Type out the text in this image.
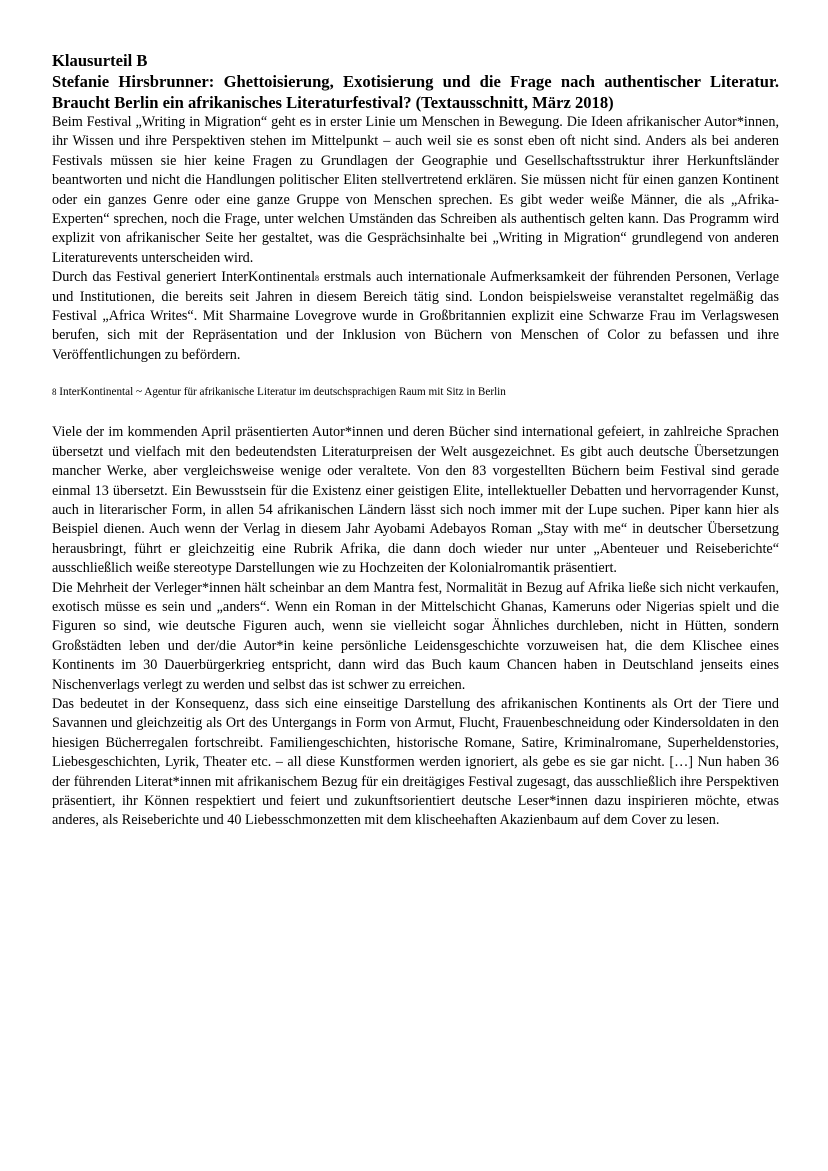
Klausurteil B

Stefanie Hirsbrunner: Ghettoisierung, Exotisierung und die Frage nach authentischer Literatur. Braucht Berlin ein afrikanisches Literaturfestival? (Textausschnitt, März 2018)

Beim Festival „Writing in Migration“ geht es in erster Linie um Menschen in Bewegung. Die Ideen afrikanischer Autor*innen, ihr Wissen und ihre Perspektiven stehen im Mittelpunkt – auch weil sie es sonst eben oft nicht sind. Anders als bei anderen Festivals müssen sie hier keine Fragen zu Grundlagen der Geographie und Gesellschaftsstruktur ihrer Herkunftsländer beantworten und nicht die Handlungen politischer Eliten stellvertretend erklären. Sie müssen nicht für einen ganzen Kontinent oder ein ganzes Genre oder eine ganze Gruppe von Menschen sprechen. Es gibt weder weiße Männer, die als „Afrika-Experten“ sprechen, noch die Frage, unter welchen Umständen das Schreiben als authentisch gelten kann. Das Programm wird explizit von afrikanischer Seite her gestaltet, was die Gesprächsinhalte bei „Writing in Migration“ grundlegend von anderen Literaturevents unterscheiden wird.

Durch das Festival generiert InterKontinental8 erstmals auch internationale Aufmerksamkeit der führenden Personen, Verlage und Institutionen, die bereits seit Jahren in diesem Bereich tätig sind. London beispielsweise veranstaltet regelmäßig das Festival „Africa Writes“. Mit Sharmaine Lovegrove wurde in Großbritannien explizit eine Schwarze Frau im Verlagswesen berufen, sich mit der Repräsentation und der Inklusion von Büchern von Menschen of Color zu befassen und ihre Veröffentlichungen zu befördern.

8 InterKontinental ~ Agentur für afrikanische Literatur im deutschsprachigen Raum mit Sitz in Berlin

Viele der im kommenden April präsentierten Autor*innen und deren Bücher sind international gefeiert, in zahlreiche Sprachen übersetzt und vielfach mit den bedeutendsten Literaturpreisen der Welt ausgezeichnet. Es gibt auch deutsche Übersetzungen mancher Werke, aber vergleichsweise wenige oder veraltete. Von den 83 vorgestellten Büchern beim Festival sind gerade einmal 13 übersetzt. Ein Bewusstsein für die Existenz einer geistigen Elite, intellektueller Debatten und hervorragender Kunst, auch in literarischer Form, in allen 54 afrikanischen Ländern lässt sich noch immer mit der Lupe suchen. Piper kann hier als Beispiel dienen. Auch wenn der Verlag in diesem Jahr Ayobami Adebayos Roman „Stay with me“ in deutscher Übersetzung herausbringt, führt er gleichzeitig eine Rubrik Afrika, die dann doch wieder nur unter „Abenteuer und Reiseberichte“ ausschließlich weiße stereotype Darstellungen wie zu Hochzeiten der Kolonialromantik präsentiert.

Die Mehrheit der Verleger*innen hält scheinbar an dem Mantra fest, Normalität in Bezug auf Afrika ließe sich nicht verkaufen, exotisch müsse es sein und „anders“. Wenn ein Roman in der Mittelschicht Ghanas, Kameruns oder Nigerias spielt und die Figuren so sind, wie deutsche Figuren auch, wenn sie vielleicht sogar Ähnliches durchleben, nicht in Hütten, sondern Großstädten leben und der/die Autor*in keine persönliche Leidensgeschichte vorzuweisen hat, die dem Klischee eines Kontinents im 30 Dauerbürgerkrieg entspricht, dann wird das Buch kaum Chancen haben in Deutschland jenseits eines Nischenverlags verlegt zu werden und selbst das ist schwer zu erreichen.

Das bedeutet in der Konsequenz, dass sich eine einseitige Darstellung des afrikanischen Kontinents als Ort der Tiere und Savannen und gleichzeitig als Ort des Untergangs in Form von Armut, Flucht, Frauenbeschneidung oder Kindersoldaten in den hiesigen Bücherregalen fortschreibt. Familiengeschichten, historische Romane, Satire, Kriminalromane, Superheldenstories, Liebesgeschichten, Lyrik, Theater etc. – all diese Kunstformen werden ignoriert, als gebe es sie gar nicht. […] Nun haben 36 der führenden Literat*innen mit afrikanischem Bezug für ein dreitägiges Festival zugesagt, das ausschließlich ihre Perspektiven präsentiert, ihr Können respektiert und feiert und zukunftsorientiert deutsche Leser*innen dazu inspirieren möchte, etwas anderes, als Reiseberichte und 40 Liebesschmonzetten mit dem klischeehaften Akazienbaum auf dem Cover zu lesen.
